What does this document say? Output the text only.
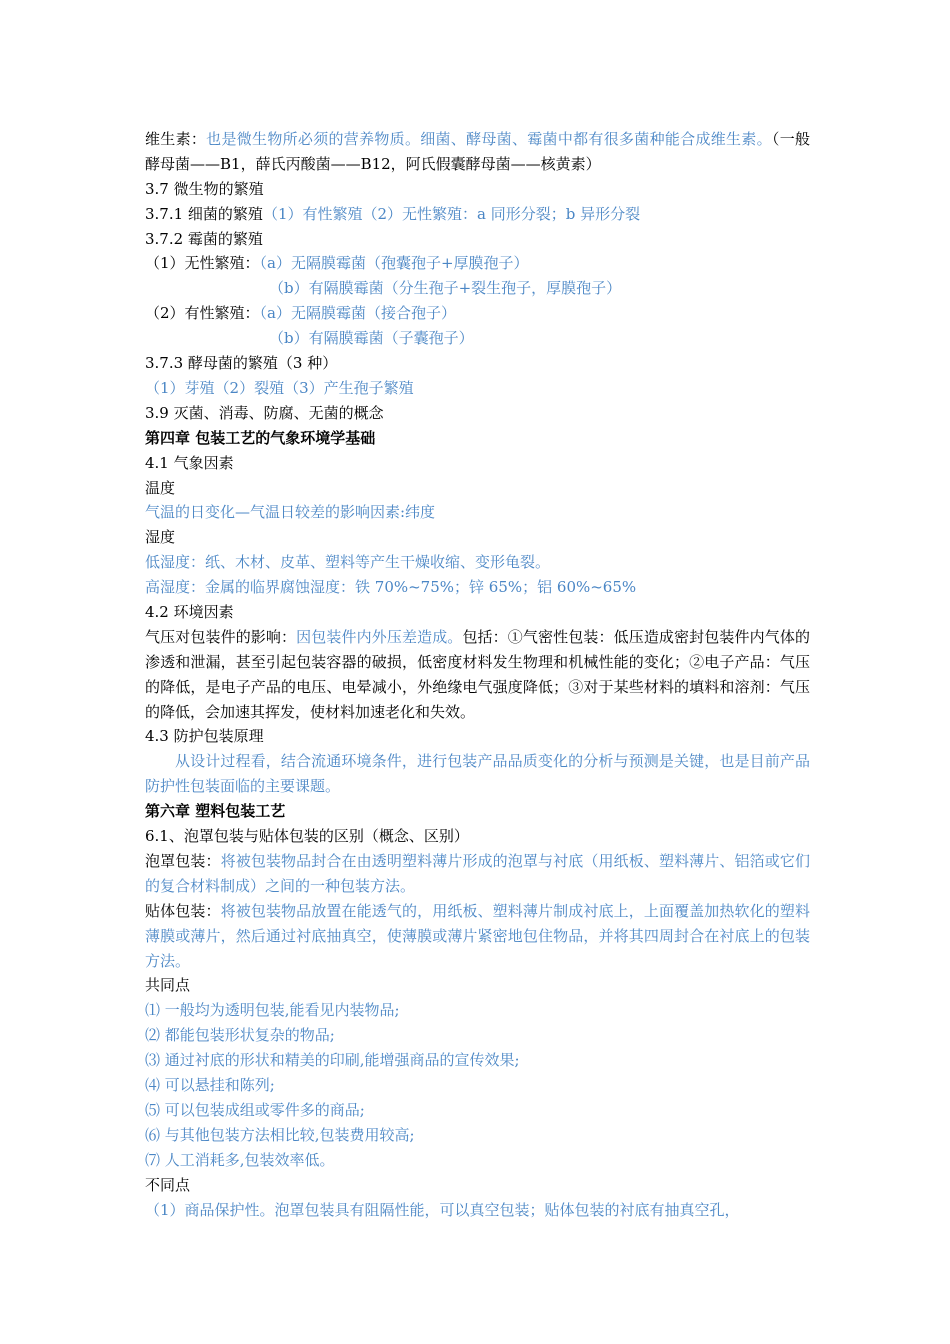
维生素：也是微生物所必须的营养物质。细菌、酵母菌、霉菌中都有很多菌种能合成维生素。（一般酵母菌——B1，薛氏丙酸菌——B12，阿氏假囊酵母菌——核黄素）
3.7 微生物的繁殖
3.7.1 细菌的繁殖（1）有性繁殖（2）无性繁殖：a 同形分裂；b 异形分裂
3.7.2 霉菌的繁殖
（1）无性繁殖：（a）无隔膜霉菌（孢囊孢子+厚膜孢子）
（b）有隔膜霉菌（分生孢子+裂生孢子，厚膜孢子）
（2）有性繁殖：（a）无隔膜霉菌（接合孢子）
（b）有隔膜霉菌（子囊孢子）
3.7.3 酵母菌的繁殖（3 种）
（1）芽殖（2）裂殖（3）产生孢子繁殖
3.9 灭菌、消毒、防腐、无菌的概念
第四章 包装工艺的气象环境学基础
4.1 气象因素
温度
气温的日变化—气温日较差的影响因素:纬度
湿度
低湿度：纸、木材、皮革、塑料等产生干燥收缩、变形龟裂。
高湿度：金属的临界腐蚀湿度：铁 70%~75%；锌 65%；铝 60%~65%
4.2 环境因素
气压对包装件的影响：因包装件内外压差造成。包括：①气密性包装：低压造成密封包装件内气体的渗透和泄漏，甚至引起包装容器的破损，低密度材料发生物理和机械性能的变化；②电子产品：气压的降低，是电子产品的电压、电晕减小，外绝缘电气强度降低；③对于某些材料的填料和溶剂：气压的降低，会加速其挥发，使材料加速老化和失效。
4.3 防护包装原理
从设计过程看，结合流通环境条件，进行包装产品品质变化的分析与预测是关键，也是目前产品防护性包装面临的主要课题。
第六章 塑料包装工艺
6.1、泡罩包装与贴体包装的区别（概念、区别）
泡罩包装：将被包装物品封合在由透明塑料薄片形成的泡罩与衬底（用纸板、塑料薄片、铝箔或它们的复合材料制成）之间的一种包装方法。
贴体包装：将被包装物品放置在能透气的，用纸板、塑料薄片制成衬底上，上面覆盖加热软化的塑料薄膜或薄片，然后通过衬底抽真空，使薄膜或薄片紧密地包住物品，并将其四周封合在衬底上的包装方法。
共同点
⑴ 一般均为透明包装,能看见内装物品;
⑵ 都能包装形状复杂的物品;
⑶ 通过衬底的形状和精美的印刷,能增强商品的宣传效果;
⑷ 可以悬挂和陈列;
⑸ 可以包装成组或零件多的商品;
⑹ 与其他包装方法相比较,包装费用较高;
⑺ 人工消耗多,包装效率低。
不同点
（1）商品保护性。泡罩包装具有阻隔性能，可以真空包装；贴体包装的衬底有抽真空孔，
